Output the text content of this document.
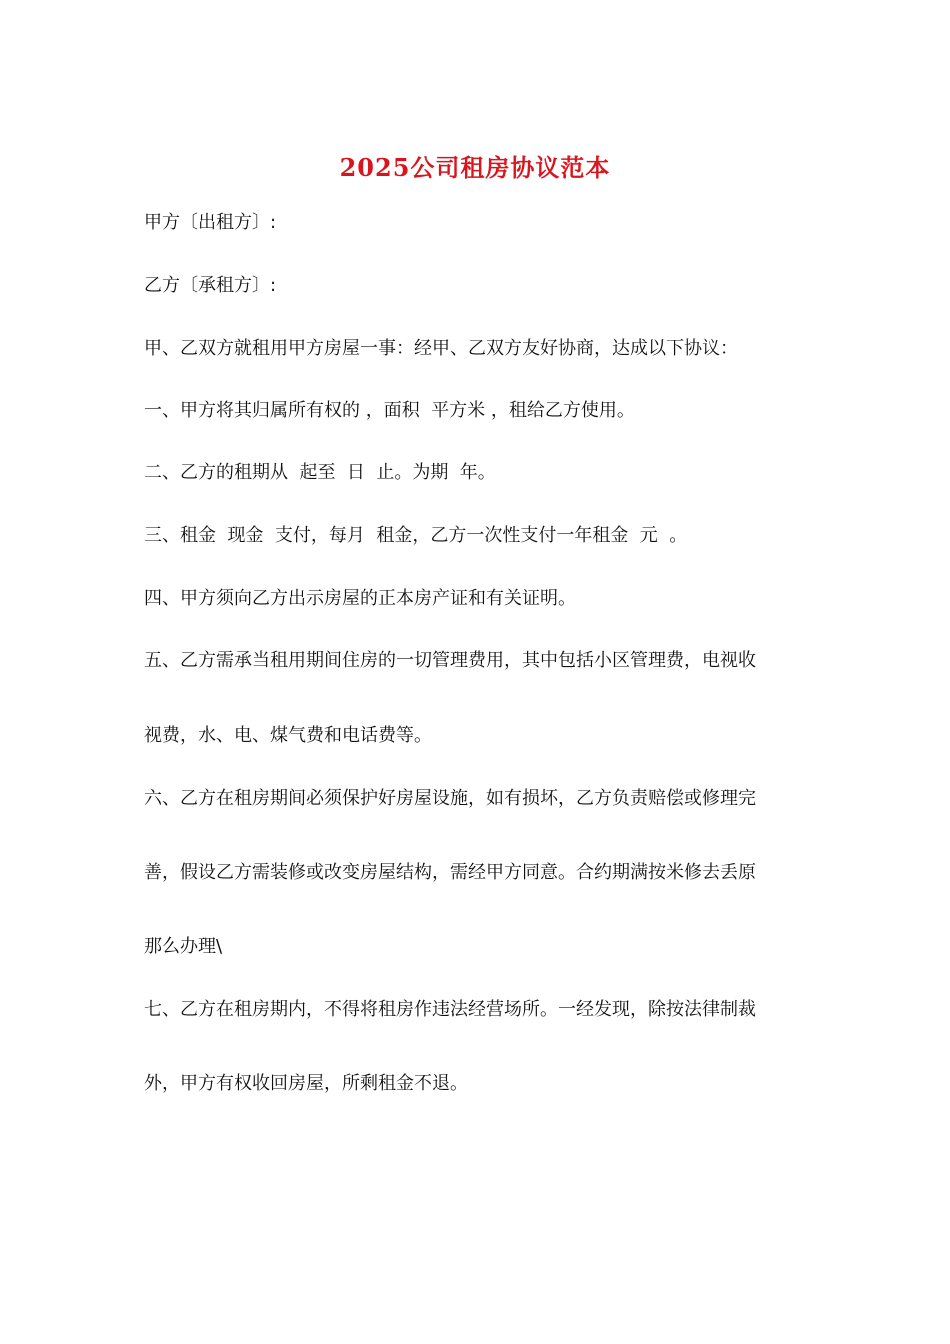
2025公司租房协议范本
甲方〔出租方〕:
乙方〔承租方〕:
甲、乙双方就租用甲方房屋一事：经甲、乙双方友好协商，达成以下协议：
一、甲方将其归属所有权的 ，面积  平方米 ，租给乙方使用。
二、乙方的租期从  起至  日  止。为期  年。
三、租金  现金  支付，每月  租金，乙方一次性支付一年租金  元  。
四、甲方须向乙方出示房屋的正本房产证和有关证明。
五、乙方需承当租用期间住房的一切管理费用，其中包括小区管理费，电视收
视费，水、电、煤气费和电话费等。
六、乙方在租房期间必须保护好房屋设施，如有损坏，乙方负责赔偿或修理完
善，假设乙方需装修或改变房屋结构，需经甲方同意。合约期满按米修去丢原
那么办理\
七、乙方在租房期内，不得将租房作违法经营场所。一经发现，除按法律制裁
外，甲方有权收回房屋，所剩租金不退。
